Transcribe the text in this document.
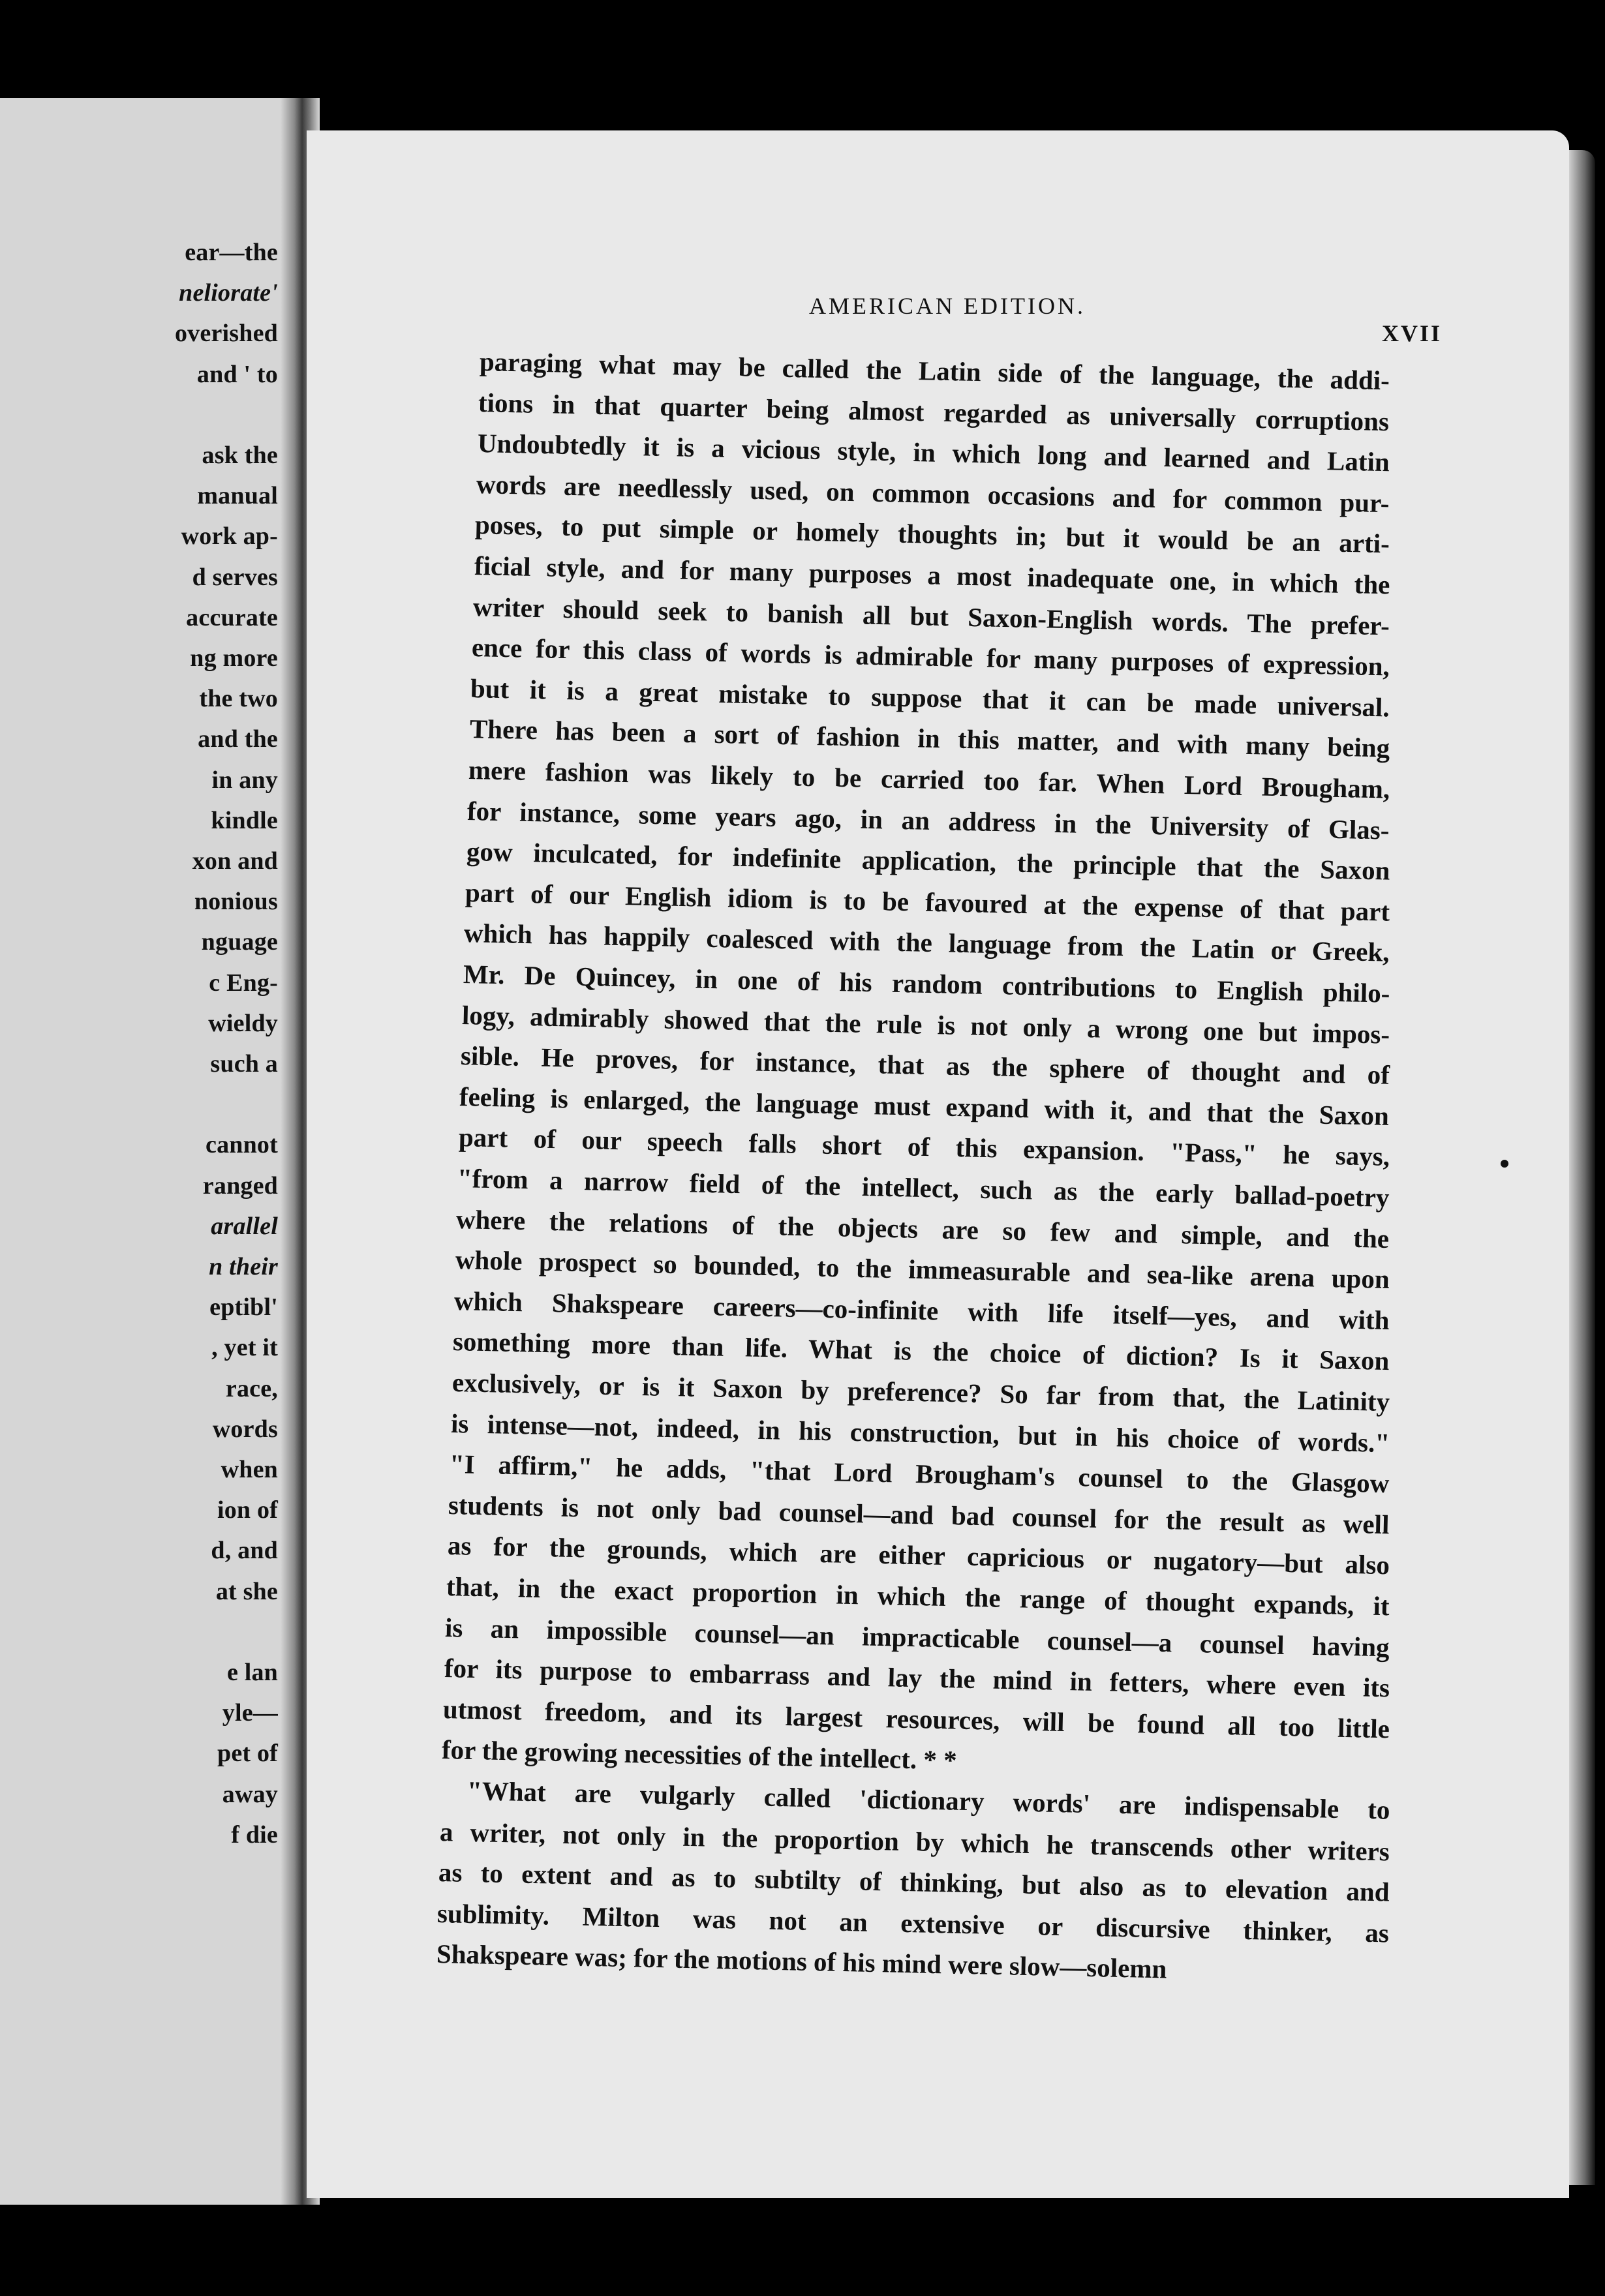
ear—the
neliorate'
overished
and ' to
ask the
manual
work ap-
d serves
accurate
ng more
the two
and the
in any
kindle
xon and
nonious
nguage
c Eng-
wieldy
such a
cannot
ranged
arallel
n their
eptibl'
, yet it
race,
words
when
ion of
d, and
at she
e lan
yle—
pet of
away
f die
AMERICAN EDITION.
XVII
paraging what may be called the Latin side of the language, the addi-
tions in that quarter being almost regarded as universally corruptions
Undoubtedly it is a vicious style, in which long and learned and Latin
words are needlessly used, on common occasions and for common pur-
poses, to put simple or homely thoughts in; but it would be an arti-
ficial style, and for many purposes a most inadequate one, in which the
writer should seek to banish all but Saxon-English words. The prefer-
ence for this class of words is admirable for many purposes of expression,
but it is a great mistake to suppose that it can be made universal.
There has been a sort of fashion in this matter, and with many being
mere fashion was likely to be carried too far. When Lord Brougham,
for instance, some years ago, in an address in the University of Glas-
gow inculcated, for indefinite application, the principle that the Saxon
part of our English idiom is to be favoured at the expense of that part
which has happily coalesced with the language from the Latin or Greek,
Mr. De Quincey, in one of his random contributions to English philo-
logy, admirably showed that the rule is not only a wrong one but impos-
sible. He proves, for instance, that as the sphere of thought and of
feeling is enlarged, the language must expand with it, and that the Saxon
part of our speech falls short of this expansion. "Pass," he says,
"from a narrow field of the intellect, such as the early ballad-poetry
where the relations of the objects are so few and simple, and the
whole prospect so bounded, to the immeasurable and sea-like arena upon
which Shakspeare careers—co-infinite with life itself—yes, and with
something more than life. What is the choice of diction? Is it Saxon
exclusively, or is it Saxon by preference? So far from that, the Latinity
is intense—not, indeed, in his construction, but in his choice of words."
"I affirm," he adds, "that Lord Brougham's counsel to the Glasgow
students is not only bad counsel—and bad counsel for the result as well
as for the grounds, which are either capricious or nugatory—but also
that, in the exact proportion in which the range of thought expands, it
is an impossible counsel—an impracticable counsel—a counsel having
for its purpose to embarrass and lay the mind in fetters, where even its
utmost freedom, and its largest resources, will be found all too little
for the growing necessities of the intellect. * *
"What are vulgarly called 'dictionary words' are indispensable to
a writer, not only in the proportion by which he transcends other writers
as to extent and as to subtilty of thinking, but also as to elevation and
sublimity. Milton was not an extensive or discursive thinker, as
Shakspeare was; for the motions of his mind were slow—solemn
